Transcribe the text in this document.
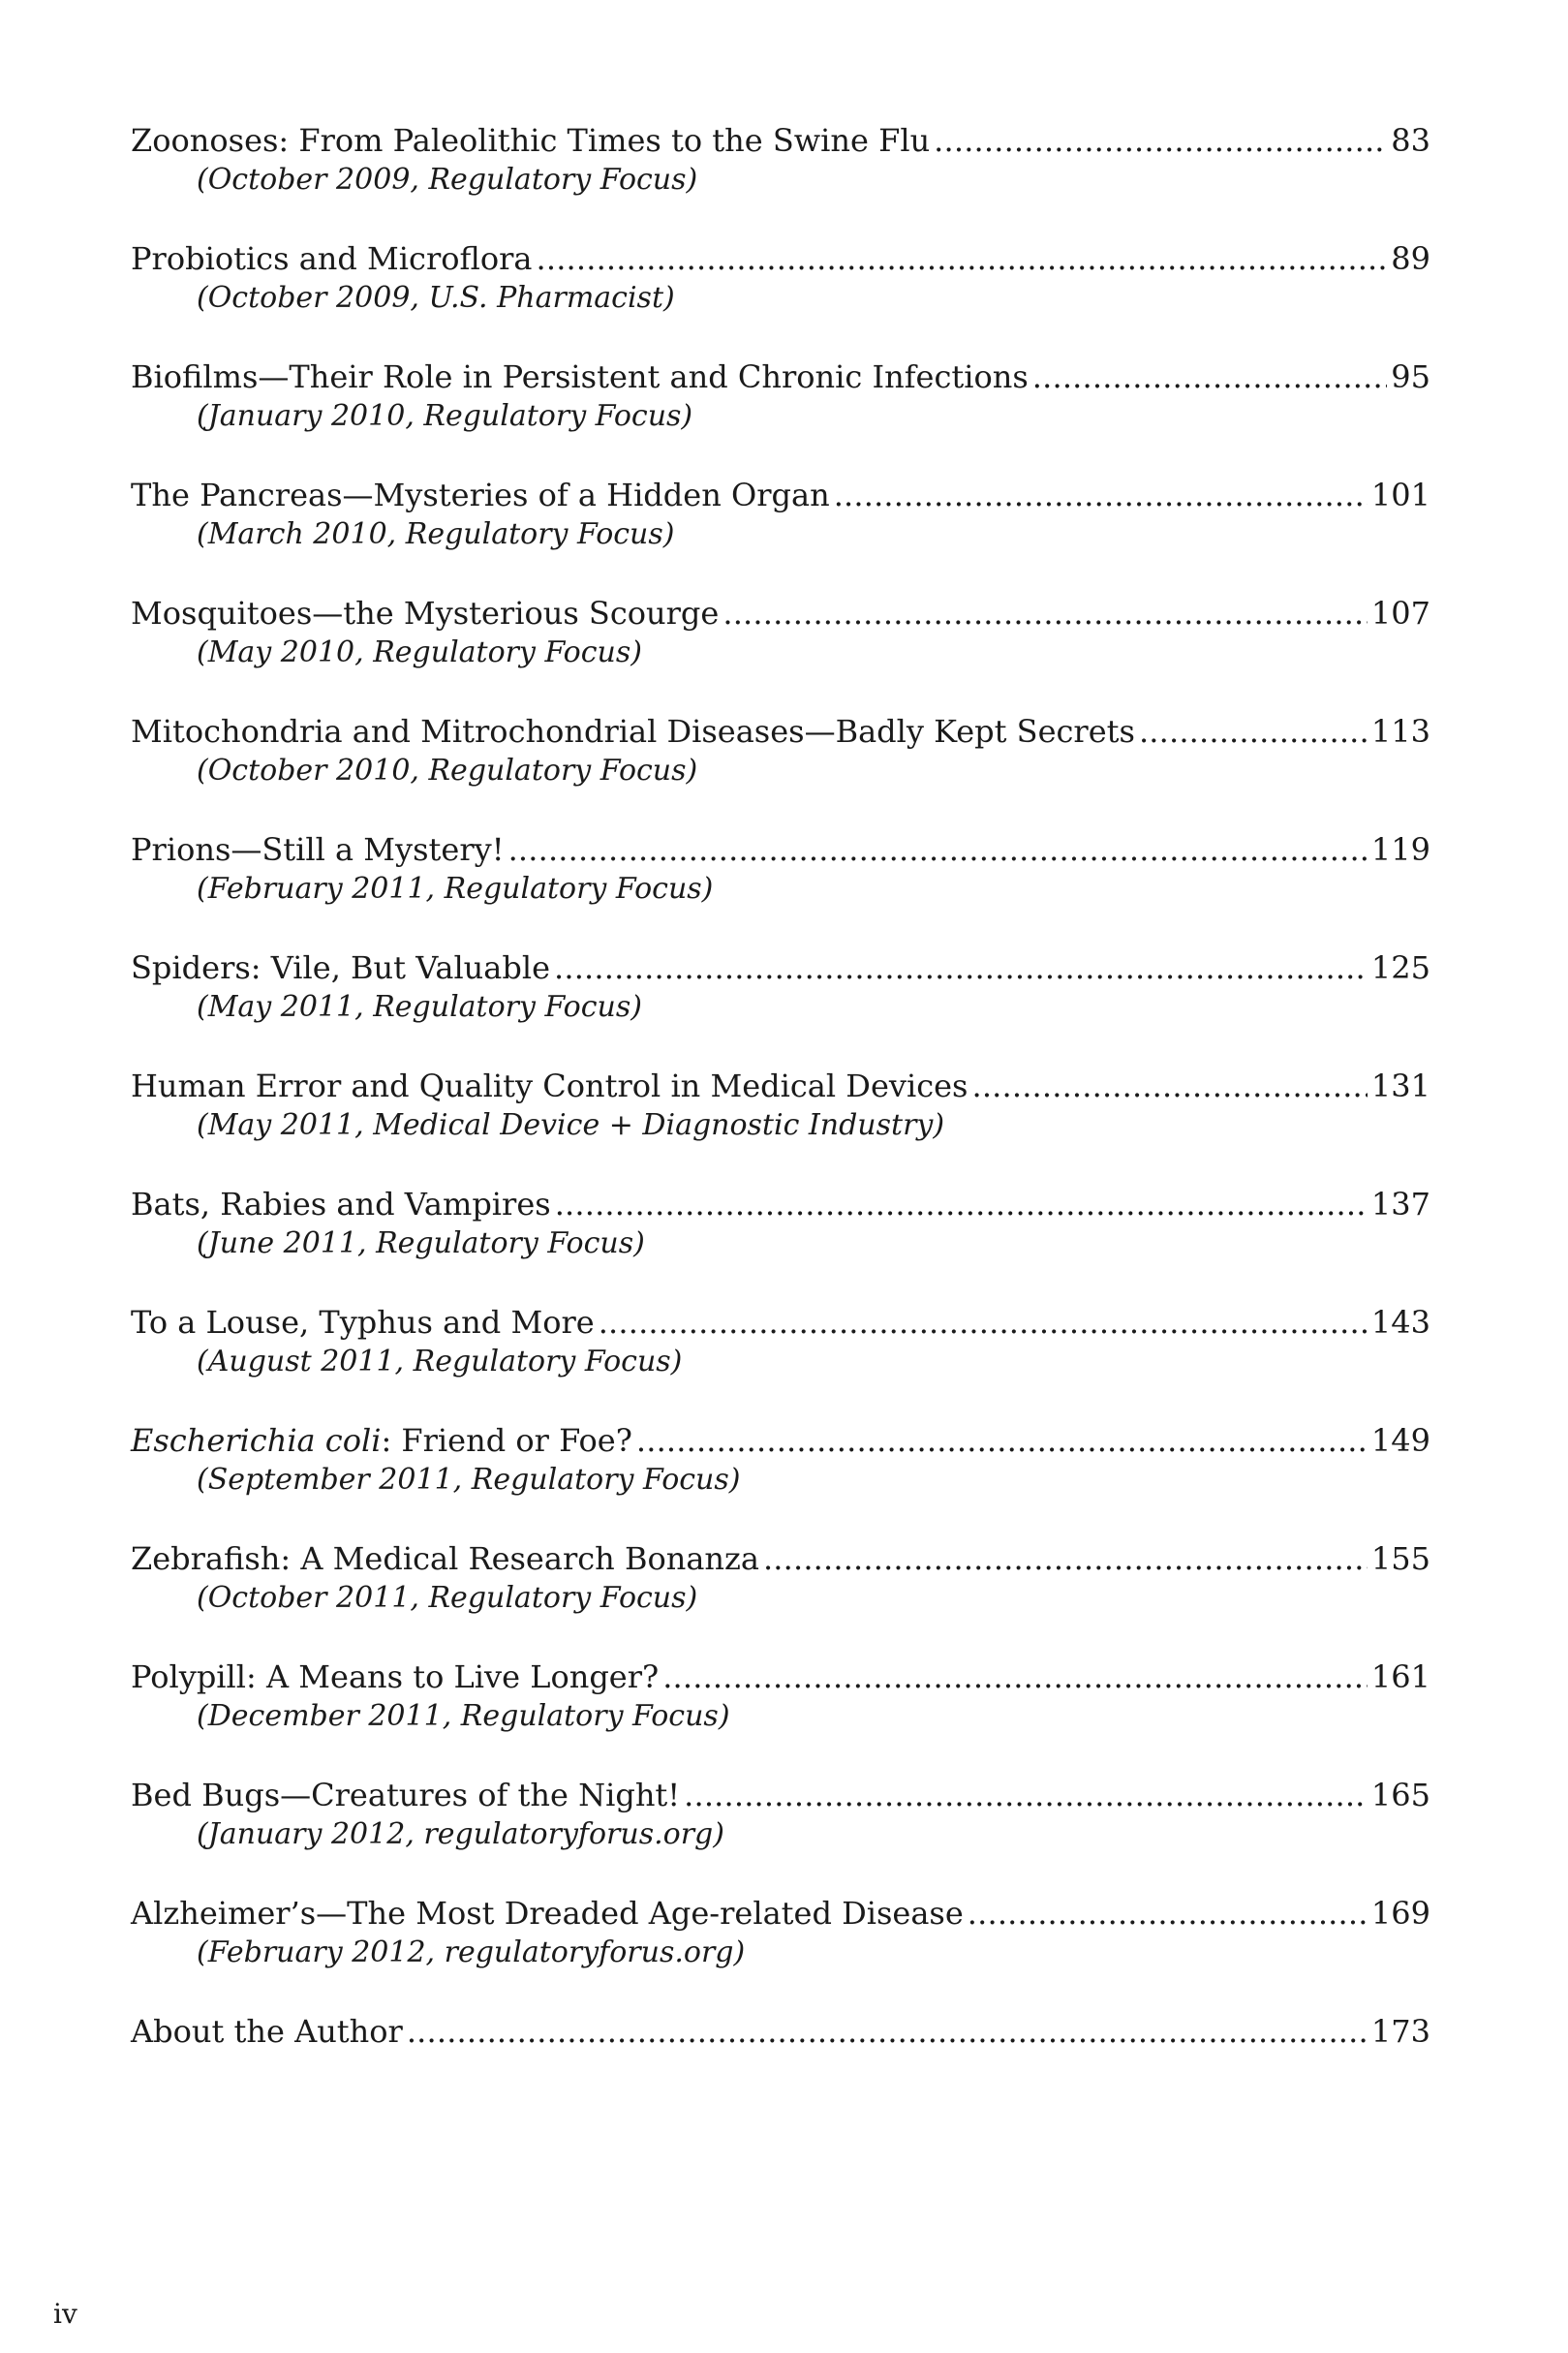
Zoonoses: From Paleolithic Times to the Swine Flu . . .	83
(October 2009, Regulatory Focus)
Probiotics and Microflora . . .	89
(October 2009, U.S. Pharmacist)
Biofilms—Their Role in Persistent and Chronic Infections . . .	95
(January 2010, Regulatory Focus)
The Pancreas—Mysteries of a Hidden Organ . . .	101
(March 2010, Regulatory Focus)
Mosquitoes—the Mysterious Scourge . . .	107
(May 2010, Regulatory Focus)
Mitochondria and Mitrochondrial Diseases—Badly Kept Secrets . . .	113
(October 2010, Regulatory Focus)
Prions—Still a Mystery! . . .	119
(February 2011, Regulatory Focus)
Spiders: Vile, But Valuable . . .	125
(May 2011, Regulatory Focus)
Human Error and Quality Control in Medical Devices . . .	131
(May 2011, Medical Device + Diagnostic Industry)
Bats, Rabies and Vampires . . .	137
(June 2011, Regulatory Focus)
To a Louse, Typhus and More . . .	143
(August 2011, Regulatory Focus)
Escherichia coli: Friend or Foe? . . .	149
(September 2011, Regulatory Focus)
Zebrafish: A Medical Research Bonanza . . .	155
(October 2011, Regulatory Focus)
Polypill: A Means to Live Longer? . . .	161
(December 2011, Regulatory Focus)
Bed Bugs—Creatures of the Night! . . .	165
(January 2012, regulatoryforus.org)
Alzheimer’s—The Most Dreaded Age-related Disease . . .	169
(February 2012, regulatoryforus.org)
About the Author . . .	173
iv
